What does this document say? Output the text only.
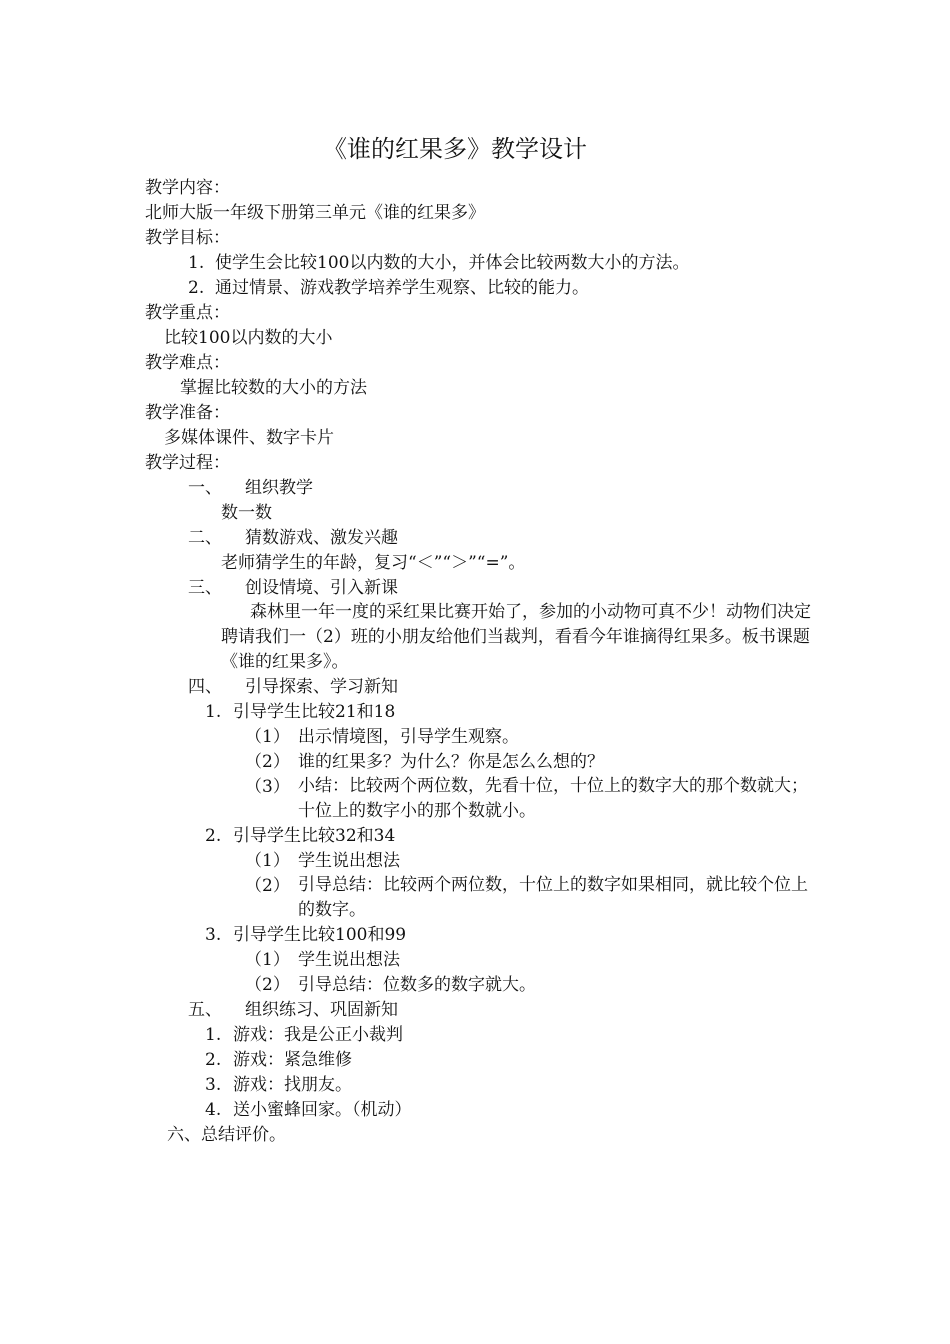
《谁的红果多》教学设计
教学内容：
北师大版一年级下册第三单元《谁的红果多》
教学目标：
1. 使学生会比较100以内数的大小，并体会比较两数大小的方法。
2. 通过情景、游戏教学培养学生观察、比较的能力。
教学重点：
比较100以内数的大小
教学难点：
掌握比较数的大小的方法
教学准备：
多媒体课件、数字卡片
教学过程：
一、 组织教学
数一数
二、 猜数游戏、激发兴趣
老师猜学生的年龄，复习“＜”“＞”“=”。
三、 创设情境、引入新课
森林里一年一度的采红果比赛开始了，参加的小动物可真不少！动物们决定聘请我们一（2）班的小朋友给他们当裁判，看看今年谁摘得红果多。板书课题《谁的红果多》。
四、 引导探索、学习新知
1. 引导学生比较21和18
（1） 出示情境图，引导学生观察。
（2） 谁的红果多？为什么？你是怎么么想的？
（3） 小结：比较两个两位数，先看十位，十位上的数字大的那个数就大；十位上的数字小的那个数就小。
2. 引导学生比较32和34
（1） 学生说出想法
（2） 引导总结：比较两个两位数，十位上的数字如果相同，就比较个位上的数字。
3. 引导学生比较100和99
（1） 学生说出想法
（2） 引导总结：位数多的数字就大。
五、 组织练习、巩固新知
1. 游戏：我是公正小裁判
2. 游戏：紧急维修
3. 游戏：找朋友。
4. 送小蜜蜂回家。（机动）
六、总结评价。
